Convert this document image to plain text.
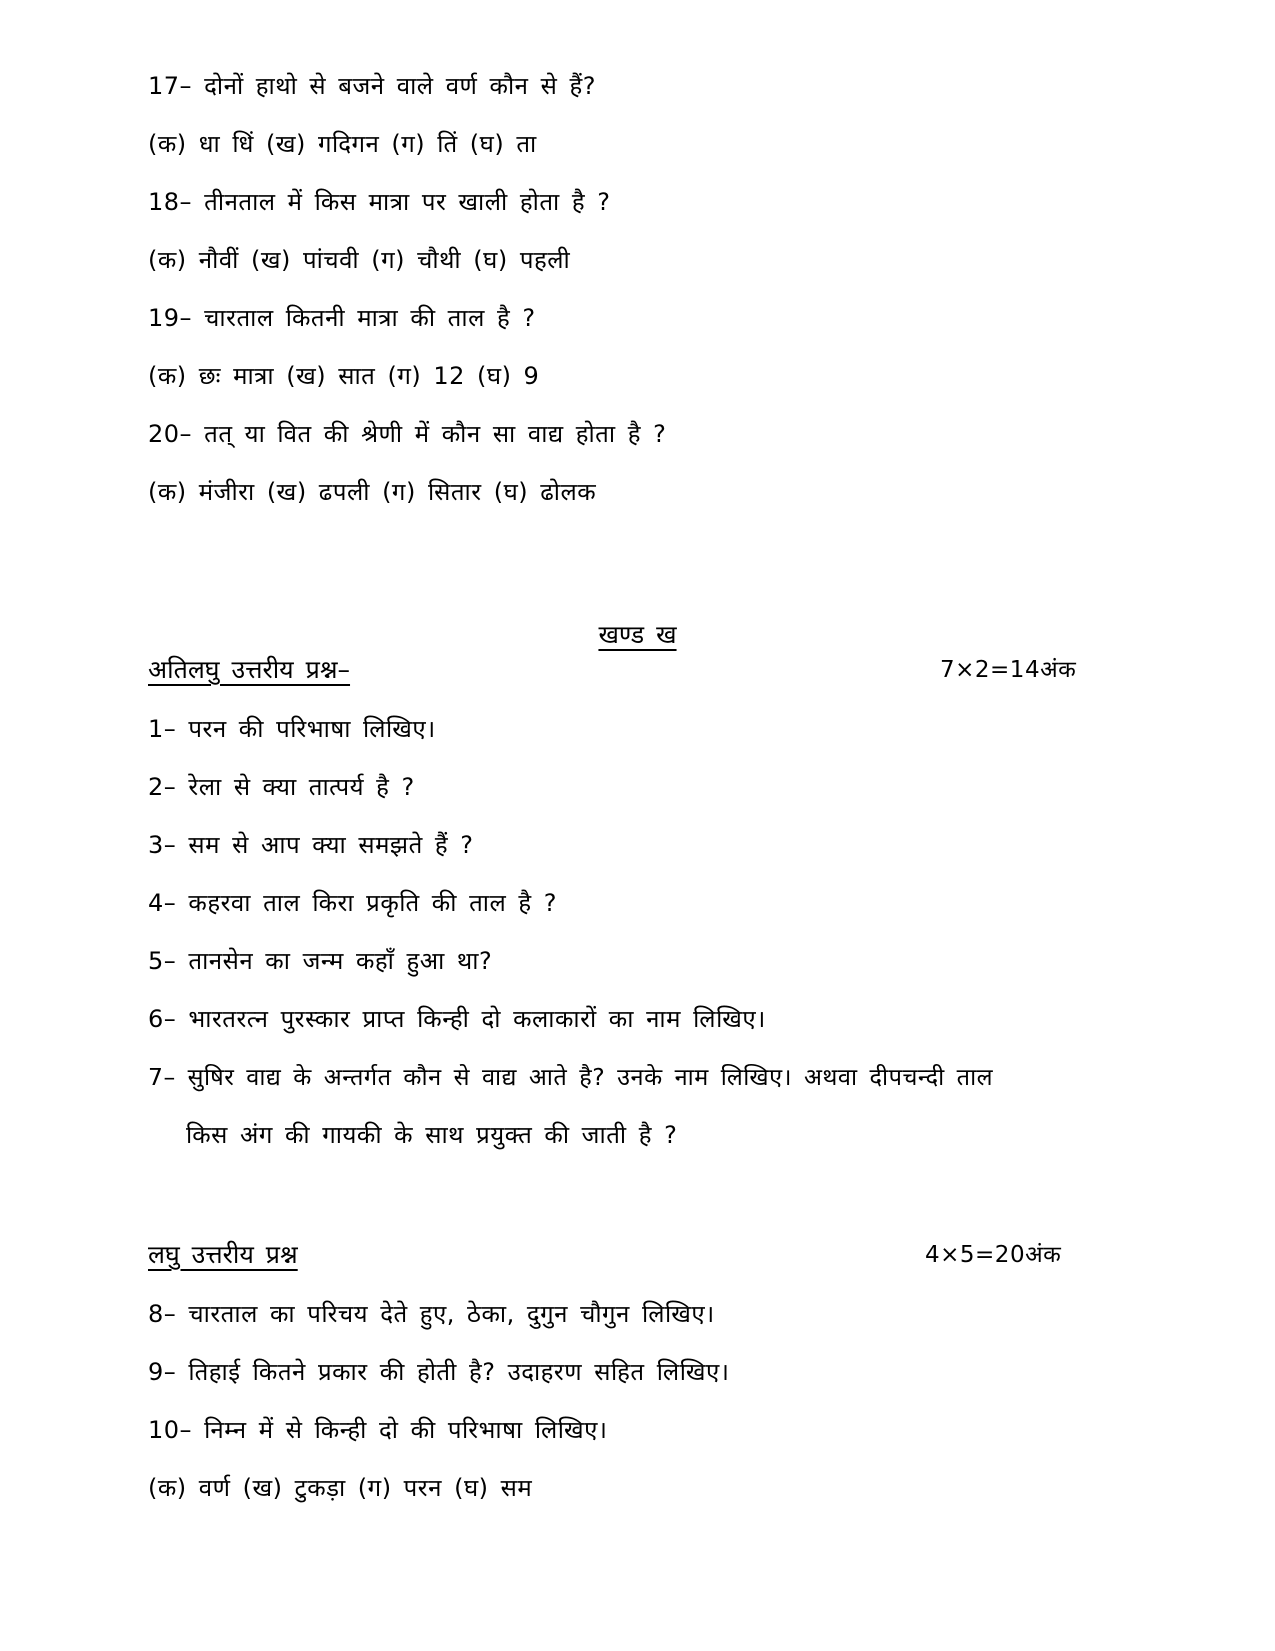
17– दोनों हाथो से बजने वाले वर्ण कौन से हैं?
(क) धा धिं (ख) गदिगन (ग) तिं (घ) ता
18– तीनताल में किस मात्रा पर खाली होता है ?
(क) नौवीं (ख) पांचवी (ग) चौथी (घ) पहली
19– चारताल कितनी मात्रा की ताल है ?
(क) छः मात्रा (ख) सात (ग) 12 (घ) 9
20– तत् या वित की श्रेणी में कौन सा वाद्य होता है ?
(क) मंजीरा (ख) ढपली (ग) सितार (घ) ढोलक
खण्ड ख
अतिलघु उत्तरीय प्रश्न–	7×2=14अंक
1– परन की परिभाषा लिखिए।
2– रेला से क्या तात्पर्य है ?
3– सम से आप क्या समझते हैं ?
4– कहरवा ताल किरा प्रकृति की ताल है ?
5– तानसेन का जन्म कहाँ हुआ था?
6– भारतरत्न पुरस्कार प्राप्त किन्ही दो कलाकारों का नाम लिखिए।
7– सुषिर वाद्य के अन्तर्गत कौन से वाद्य आते है? उनके नाम लिखिए। अथवा दीपचन्दी ताल
किस अंग की गायकी के साथ प्रयुक्त की जाती है ?
लघु उत्तरीय प्रश्न	4×5=20अंक
8– चारताल का परिचय देते हुए, ठेका, दुगुन चौगुन लिखिए।
9– तिहाई कितने प्रकार की होती है? उदाहरण सहित लिखिए।
10– निम्न में से किन्ही दो की परिभाषा लिखिए।
(क) वर्ण (ख) टुकड़ा (ग) परन (घ) सम
